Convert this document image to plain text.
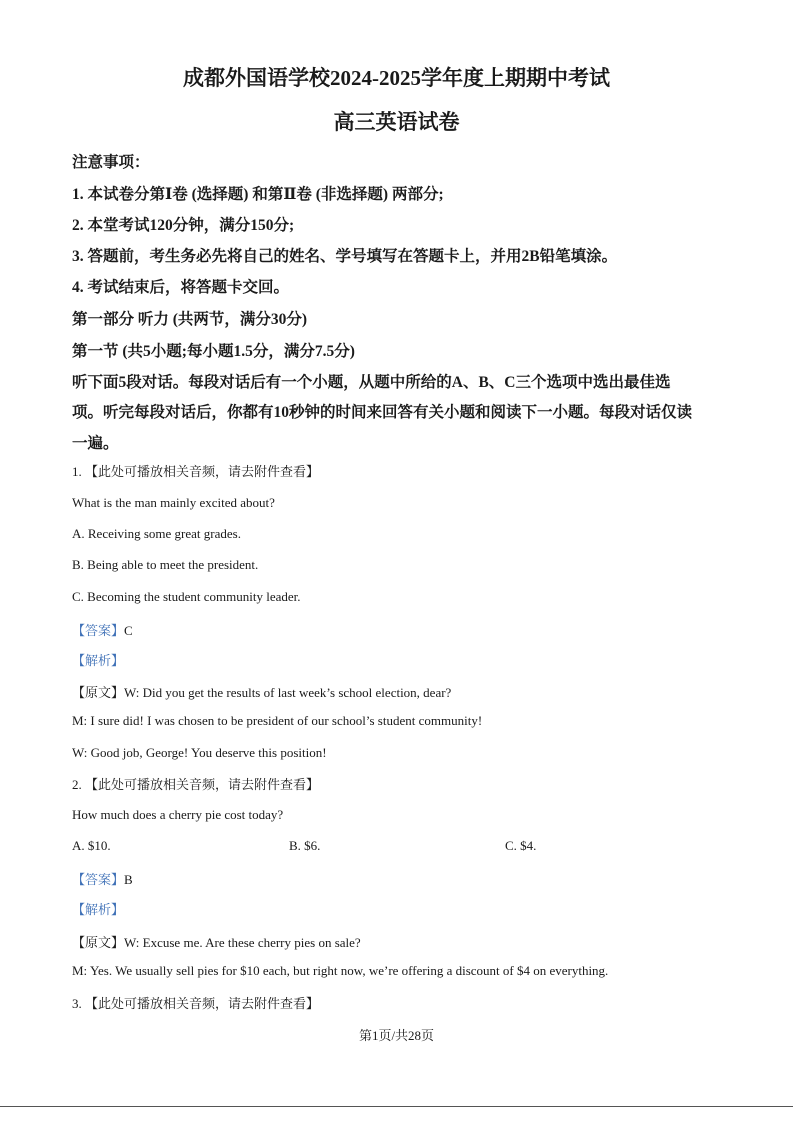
成都外国语学校2024-2025学年度上期期中考试
高三英语试卷
注意事项：
1. 本试卷分第Ⅰ卷 (选择题) 和第Ⅱ卷 (非选择题) 两部分;
2. 本堂考试120分钟，满分150分;
3. 答题前，考生务必先将自己的姓名、学号填写在答题卡上，并用2B铅笔填涂。
4. 考试结束后，将答题卡交回。
第一部分 听力 (共两节，满分30分)
第一节 (共5小题;每小题1.5分，满分7.5分)
听下面5段对话。每段对话后有一个小题，从题中所给的A、B、C三个选项中选出最佳选
项。听完每段对话后，你都有10秒钟的时间来回答有关小题和阅读下一小题。每段对话仅读
一遍。
1. 【此处可播放相关音频，请去附件查看】
What is the man mainly excited about?
A. Receiving some great grades.
B. Being able to meet the president.
C. Becoming the student community leader.
【答案】C
【解析】
【原文】W: Did you get the results of last week’s school election, dear?
M: I sure did! I was chosen to be president of our school’s student community!
W: Good job, George! You deserve this position!
2. 【此处可播放相关音频，请去附件查看】
How much does a cherry pie cost today?
A. $10.	B. $6.	C. $4.
【答案】B
【解析】
【原文】W: Excuse me. Are these cherry pies on sale?
M: Yes. We usually sell pies for $10 each, but right now, we’re offering a discount of $4 on everything.
3. 【此处可播放相关音频，请去附件查看】
第1页/共28页
